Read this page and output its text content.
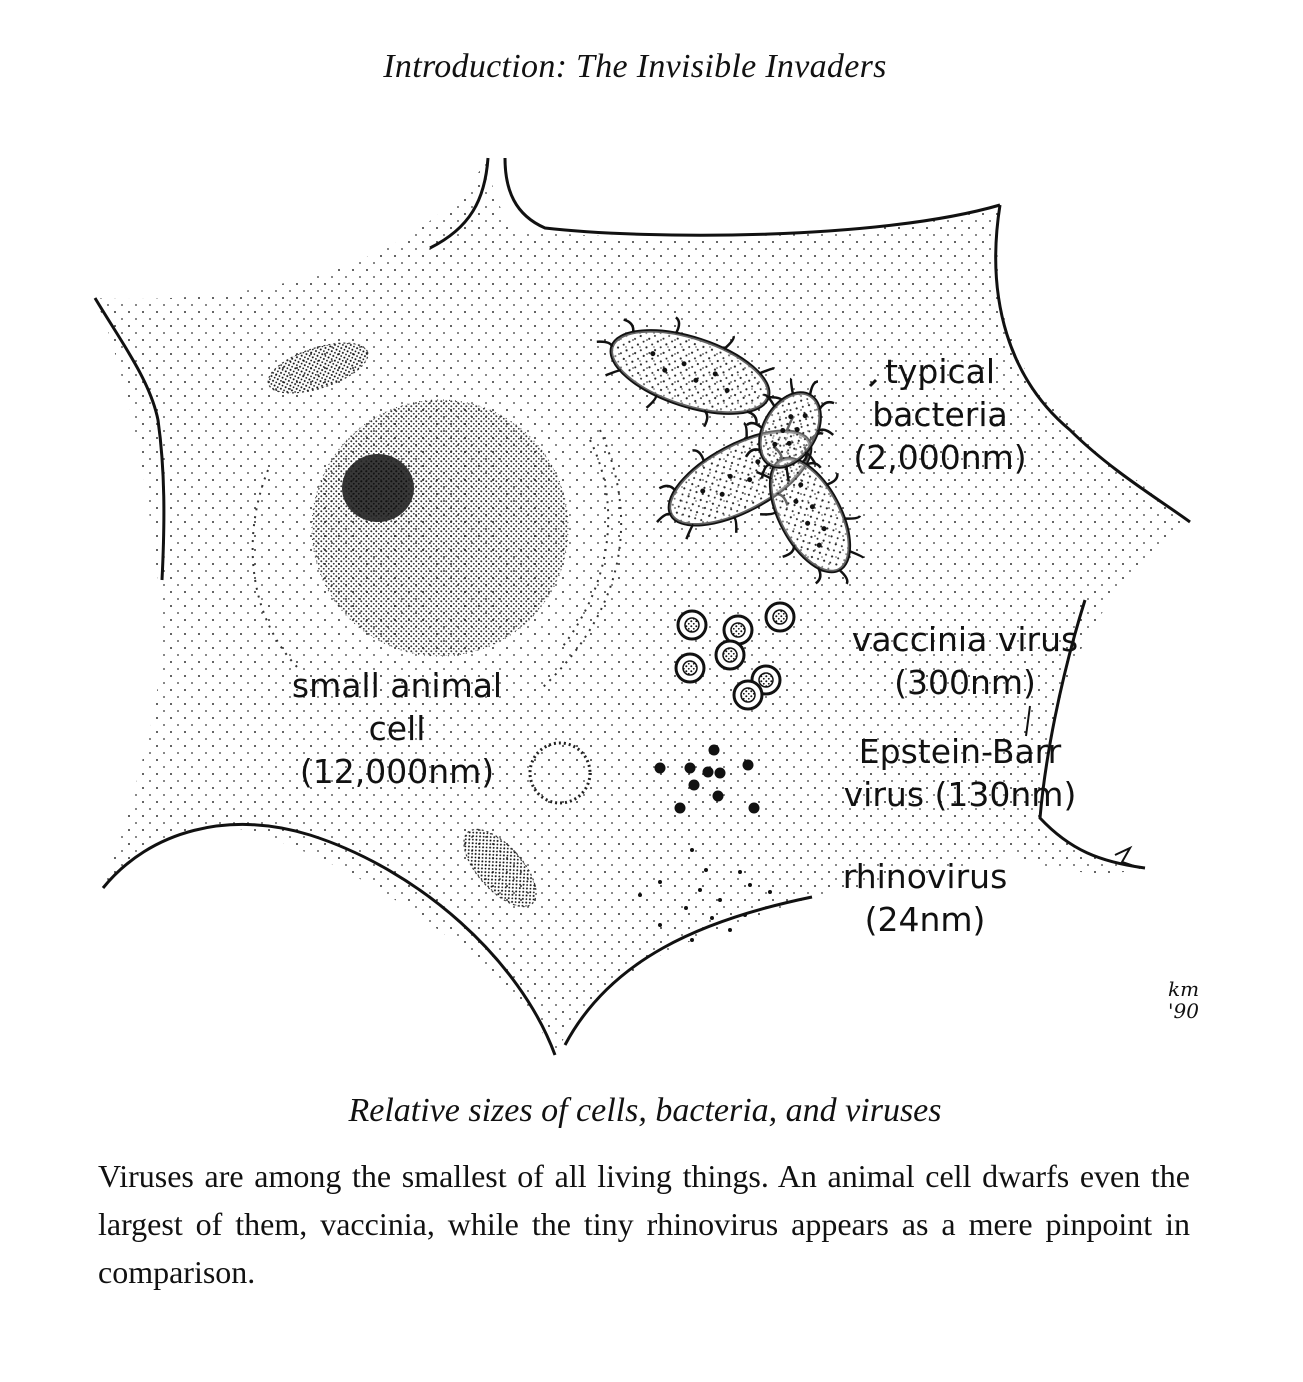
Introduction: The Invisible Invaders
small animal
cell
(12,000nm)
typical
bacteria
(2,000nm)
vaccinia virus
(300nm)
Epstein-Barr
virus (130nm)
rhinovirus
(24nm)
km
'90
Relative sizes of cells, bacteria, and viruses
Viruses are among the smallest of all living things. An animal cell dwarfs even the largest of them, vaccinia, while the tiny rhinovirus appears as a mere pinpoint in comparison.
